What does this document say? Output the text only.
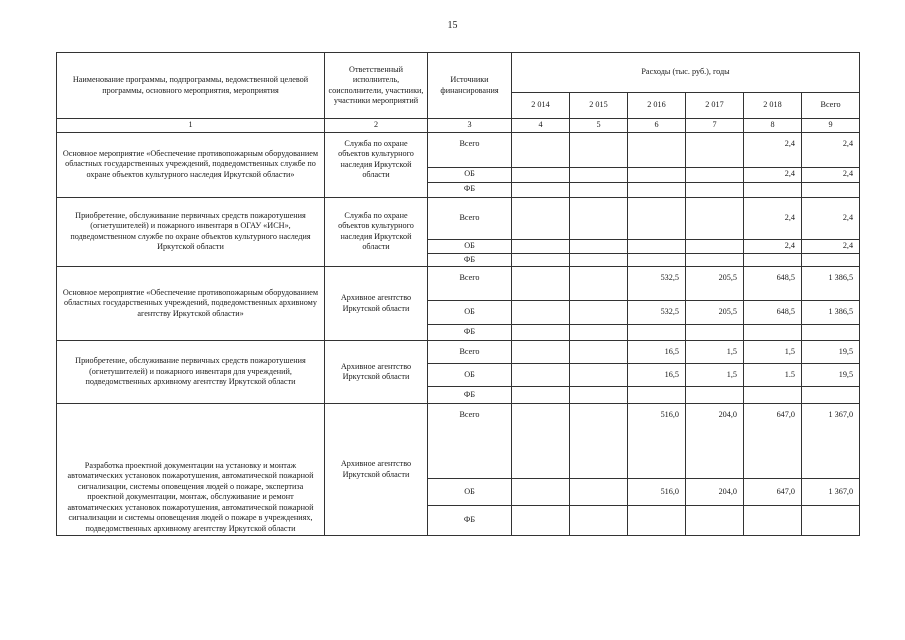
15
Наименование программы, подпрограммы, ведомственной целевой программы, основного мероприятия, мероприятия	Ответственный исполнитель, соисполнители, участники, участники мероприятий	Источники финансирования	Расходы (тыс. руб.), годы					
			2 014	2 015	2 016	2 017	2 018	Всего
1	2	3	4	5	6	7	8	9
Основное мероприятие «Обеспечение противопожарным оборудованием областных государственных учреждений, подведомственных службе по охране объектов культурного наследия Иркутской области»	Служба по охране объектов культурного наследия Иркутской области	Всего					2,4	2,4
		ОБ					2,4	2,4
		ФБ						
Приобретение, обслуживание первичных средств пожаротушения (огнетушителей) и пожарного инвентаря в ОГАУ «ИСН», подведомственном службе по охране объектов культурного наследия Иркутской области	Служба по охране объектов культурного наследия Иркутской области	Всего					2,4	2,4
		ОБ					2,4	2,4
		ФБ						
Основное мероприятие «Обеспечение противопожарным оборудованием областных государственных учреждений, подведомственных архивному агентству Иркутской области»	Архивное агентство Иркутской области	Всего			532,5	205,5	648,5	1 386,5
		ОБ			532,5	205,5	648,5	1 386,5
		ФБ						
Приобретение, обслуживание первичных средств пожаротушения (огнетушителей) и пожарного инвентаря для учреждений, подведомственных архивному агентству Иркутской области	Архивное агентство Иркутской области	Всего			16,5	1,5	1,5	19,5
		ОБ			16,5	1,5	1.5	19,5
		ФБ						
Разработка проектной документации на установку и монтаж автоматических установок пожаротушения, автоматической пожарной сигнализации, системы оповещения людей о пожаре, экспертиза проектной документации, монтаж, обслуживание и ремонт автоматических установок пожаротушения, автоматической пожарной сигнализации и системы оповещения людей о пожаре в учреждениях, подведомственных архивному агентству Иркутской области	Архивное агентство Иркутской области	Всего			516,0	204,0	647,0	1 367,0
		ОБ			516,0	204,0	647,0	1 367,0
		ФБ						
